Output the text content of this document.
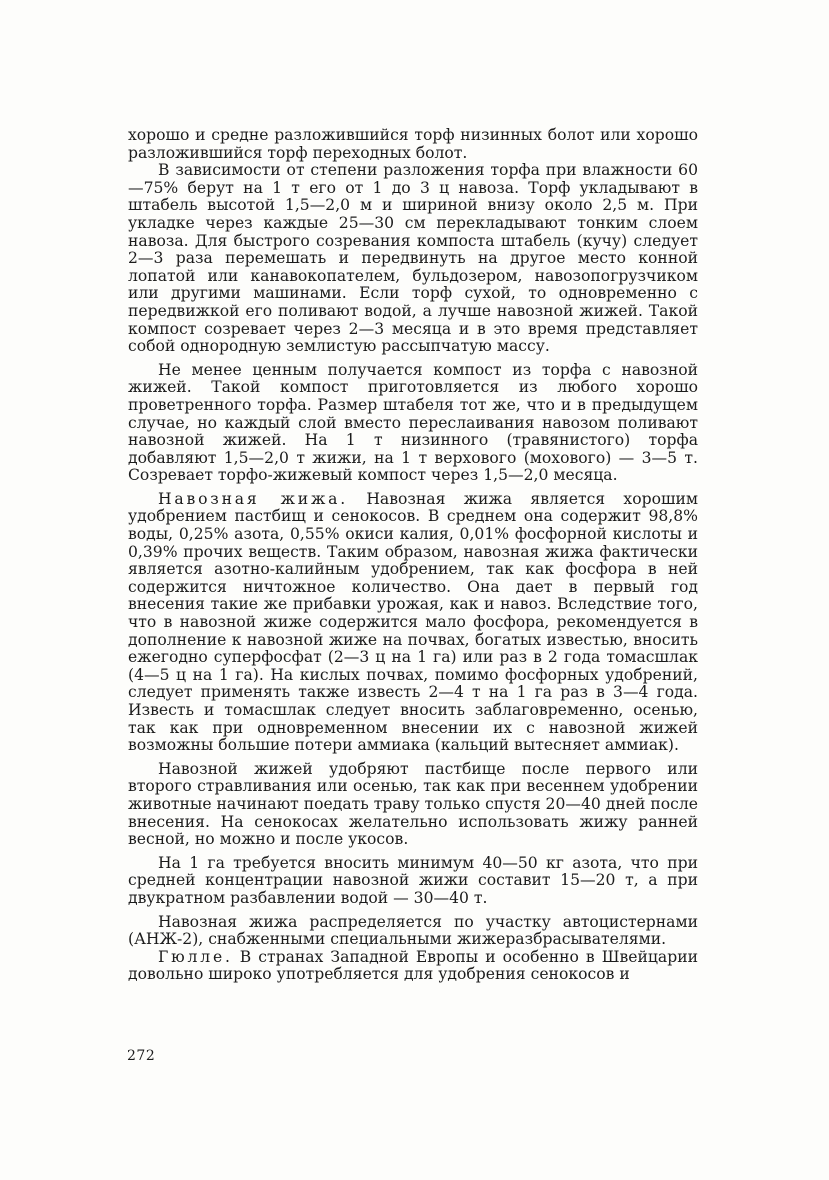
хорошо и средне разложившийся торф низинных болот или хорошо разложившийся торф переходных болот.

В зависимости от степени разложения торфа при влажности 60—75% берут на 1 т его от 1 до 3 ц навоза. Торф укладывают в штабель высотой 1,5—2,0 м и шириной внизу около 2,5 м. При укладке через каждые 25—30 см перекладывают тонким слоем навоза. Для быстрого созревания компоста штабель (кучу) следует 2—3 раза перемешать и передвинуть на другое место конной лопатой или канавокопателем, бульдозером, навозопогрузчиком или другими машинами. Если торф сухой, то одновременно с передвижкой его поливают водой, а лучше навозной жижей. Такой компост созревает через 2—3 месяца и в это время представляет собой однородную землистую рассыпчатую массу.

Не менее ценным получается компост из торфа с навозной жижей. Такой компост приготовляется из любого хорошо проветренного торфа. Размер штабеля тот же, что и в предыдущем случае, но каждый слой вместо переслаивания навозом поливают навозной жижей. На 1 т низинного (травянистого) торфа добавляют 1,5—2,0 т жижи, на 1 т верхового (мохового) — 3—5 т. Созревает торфо-жижевый компост через 1,5—2,0 месяца.

Навозная жижа. Навозная жижа является хорошим удобрением пастбищ и сенокосов. В среднем она содержит 98,8% воды, 0,25% азота, 0,55% окиси калия, 0,01% фосфорной кислоты и 0,39% прочих веществ. Таким образом, навозная жижа фактически является азотно-калийным удобрением, так как фосфора в ней содержится ничтожное количество. Она дает в первый год внесения такие же прибавки урожая, как и навоз. Вследствие того, что в навозной жиже содержится мало фосфора, рекомендуется в дополнение к навозной жиже на почвах, богатых известью, вносить ежегодно суперфосфат (2—3 ц на 1 га) или раз в 2 года томасшлак (4—5 ц на 1 га). На кислых почвах, помимо фосфорных удобрений, следует применять также известь 2—4 т на 1 га раз в 3—4 года. Известь и томасшлак следует вносить заблаговременно, осенью, так как при одновременном внесении их с навозной жижей возможны большие потери аммиака (кальций вытесняет аммиак).

Навозной жижей удобряют пастбище после первого или второго стравливания или осенью, так как при весеннем удобрении животные начинают поедать траву только спустя 20—40 дней после внесения. На сенокосах желательно использовать жижу ранней весной, но можно и после укосов.

На 1 га требуется вносить минимум 40—50 кг азота, что при средней концентрации навозной жижи составит 15—20 т, а при двукратном разбавлении водой — 30—40 т.

Навозная жижа распределяется по участку автоцистернами (АНЖ-2), снабженными специальными жижеразбрасывателями.

Гюлле. В странах Западной Европы и особенно в Швейцарии довольно широко употребляется для удобрения сенокосов и

272
